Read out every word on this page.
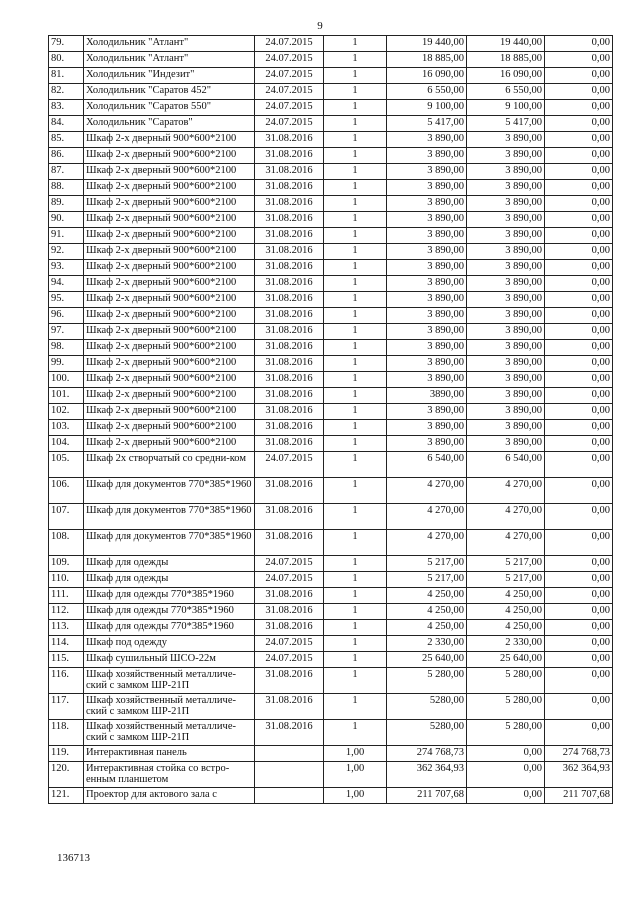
9
79.	Холодильник "Атлант"	24.07.2015	1	19 440,00	19 440,00	0,00
80.	Холодильник "Атлант"	24.07.2015	1	18 885,00	18 885,00	0,00
81.	Холодильник "Индезит"	24.07.2015	1	16 090,00	16 090,00	0,00
82.	Холодильник "Саратов 452"	24.07.2015	1	6 550,00	6 550,00	0,00
83.	Холодильник "Саратов 550"	24.07.2015	1	9 100,00	9 100,00	0,00
84.	Холодильник "Саратов"	24.07.2015	1	5 417,00	5 417,00	0,00
85.	Шкаф 2-х дверный 900*600*2100	31.08.2016	1	3 890,00	3 890,00	0,00
86.	Шкаф 2-х дверный 900*600*2100	31.08.2016	1	3 890,00	3 890,00	0,00
87.	Шкаф 2-х дверный 900*600*2100	31.08.2016	1	3 890,00	3 890,00	0,00
88.	Шкаф 2-х дверный 900*600*2100	31.08.2016	1	3 890,00	3 890,00	0,00
89.	Шкаф 2-х дверный 900*600*2100	31.08.2016	1	3 890,00	3 890,00	0,00
90.	Шкаф 2-х дверный 900*600*2100	31.08.2016	1	3 890,00	3 890,00	0,00
91.	Шкаф 2-х дверный 900*600*2100	31.08.2016	1	3 890,00	3 890,00	0,00
92.	Шкаф 2-х дверный 900*600*2100	31.08.2016	1	3 890,00	3 890,00	0,00
93.	Шкаф 2-х дверный 900*600*2100	31.08.2016	1	3 890,00	3 890,00	0,00
94.	Шкаф 2-х дверный 900*600*2100	31.08.2016	1	3 890,00	3 890,00	0,00
95.	Шкаф 2-х дверный 900*600*2100	31.08.2016	1	3 890,00	3 890,00	0,00
96.	Шкаф 2-х дверный 900*600*2100	31.08.2016	1	3 890,00	3 890,00	0,00
97.	Шкаф 2-х дверный 900*600*2100	31.08.2016	1	3 890,00	3 890,00	0,00
98.	Шкаф 2-х дверный 900*600*2100	31.08.2016	1	3 890,00	3 890,00	0,00
99.	Шкаф 2-х дверный 900*600*2100	31.08.2016	1	3 890,00	3 890,00	0,00
100.	Шкаф 2-х дверный 900*600*2100	31.08.2016	1	3 890,00	3 890,00	0,00
101.	Шкаф 2-х дверный 900*600*2100	31.08.2016	1	3890,00	3 890,00	0,00
102.	Шкаф 2-х дверный 900*600*2100	31.08.2016	1	3 890,00	3 890,00	0,00
103.	Шкаф 2-х дверный 900*600*2100	31.08.2016	1	3 890,00	3 890,00	0,00
104.	Шкаф 2-х дверный 900*600*2100	31.08.2016	1	3 890,00	3 890,00	0,00
105.	Шкаф 2х створчатый со средни-ком	24.07.2015	1	6 540,00	6 540,00	0,00
106.	Шкаф для документов 770*385*1960	31.08.2016	1	4 270,00	4 270,00	0,00
107.	Шкаф для документов 770*385*1960	31.08.2016	1	4 270,00	4 270,00	0,00
108.	Шкаф для документов 770*385*1960	31.08.2016	1	4 270,00	4 270,00	0,00
109.	Шкаф для одежды	24.07.2015	1	5 217,00	5 217,00	0,00
110.	Шкаф для одежды	24.07.2015	1	5 217,00	5 217,00	0,00
111.	Шкаф для одежды 770*385*1960	31.08.2016	1	4 250,00	4 250,00	0,00
112.	Шкаф для одежды 770*385*1960	31.08.2016	1	4 250,00	4 250,00	0,00
113.	Шкаф для одежды 770*385*1960	31.08.2016	1	4 250,00	4 250,00	0,00
114.	Шкаф под одежду	24.07.2015	1	2 330,00	2 330,00	0,00
115.	Шкаф сушильный ШСО-22м	24.07.2015	1	25 640,00	25 640,00	0,00
116.	Шкаф хозяйственный металличе-ский с замком ШР-21П	31.08.2016	1	5 280,00	5 280,00	0,00
117.	Шкаф хозяйственный металличе-ский с замком ШР-21П	31.08.2016	1	5280,00	5 280,00	0,00
118.	Шкаф хозяйственный металличе-ский с замком ШР-21П	31.08.2016	1	5280,00	5 280,00	0,00
119.	Интерактивная панель		1,00	274 768,73	0,00	274 768,73
120.	Интерактивная стойка со встро-енным планшетом		1,00	362 364,93	0,00	362 364,93
121.	Проектор для актового зала с		1,00	211 707,68	0,00	211 707,68
136713
